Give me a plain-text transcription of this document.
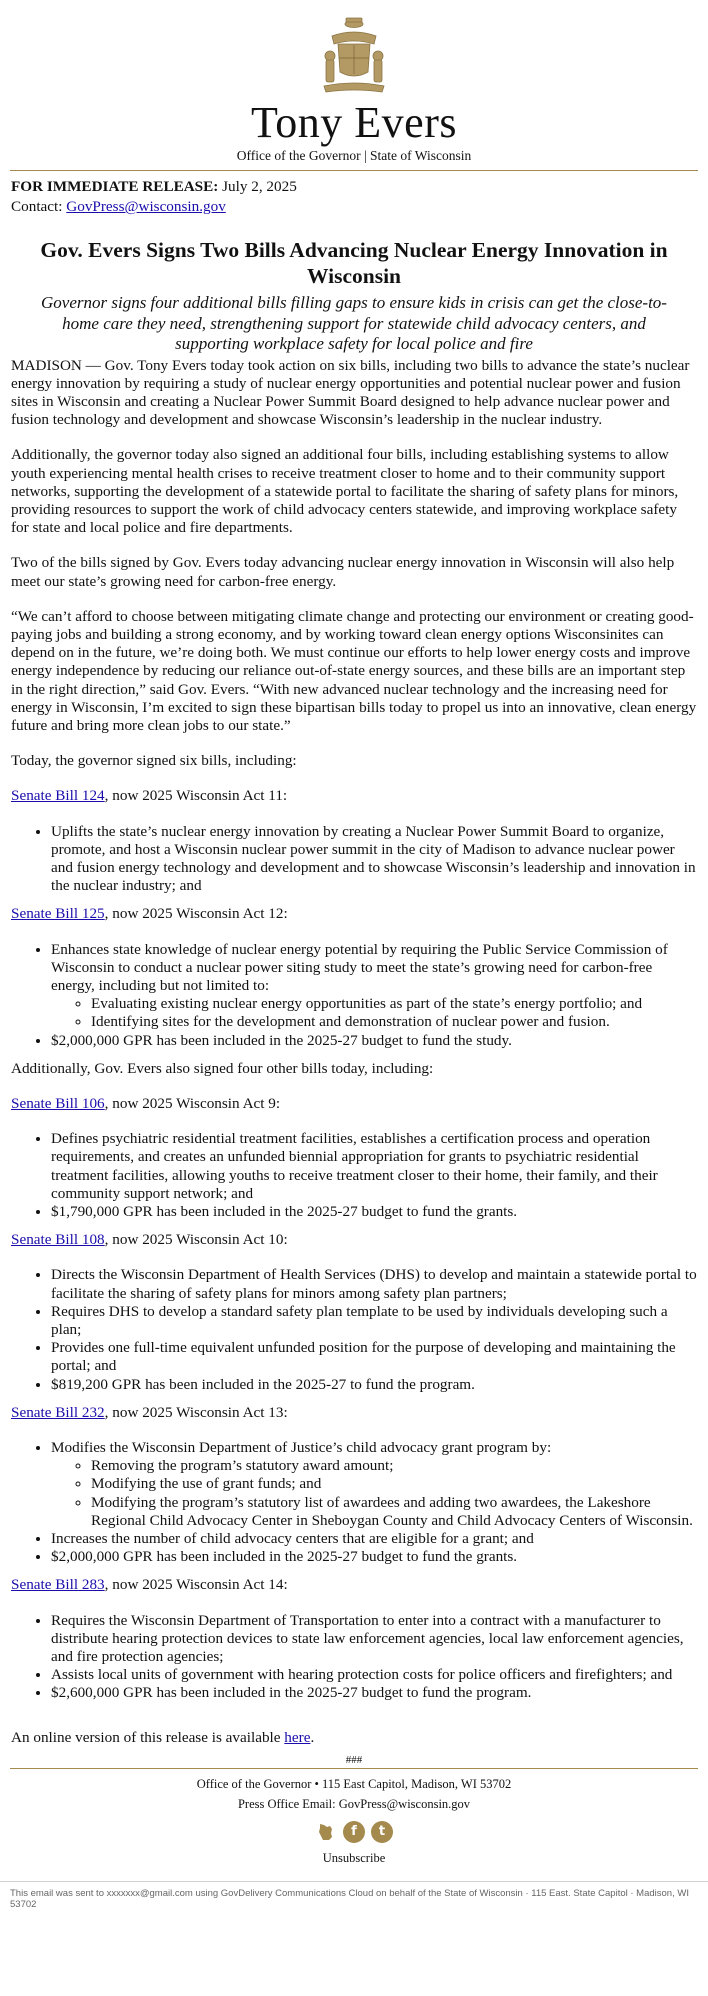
Tony Evers
Office of the Governor | State of Wisconsin

FOR IMMEDIATE RELEASE: July 2, 2025

Contact: GovPress@wisconsin.gov

Gov. Evers Signs Two Bills Advancing Nuclear Energy Innovation in Wisconsin

Governor signs four additional bills filling gaps to ensure kids in crisis can get the close-to-home care they need, strengthening support for statewide child advocacy centers, and supporting workplace safety for local police and fire

MADISON — Gov. Tony Evers today took action on six bills, including two bills to advance the state’s nuclear energy innovation by requiring a study of nuclear energy opportunities and potential nuclear power and fusion sites in Wisconsin and creating a Nuclear Power Summit Board designed to help advance nuclear power and fusion technology and development and showcase Wisconsin’s leadership in the nuclear industry.

Additionally, the governor today also signed an additional four bills, including establishing systems to allow youth experiencing mental health crises to receive treatment closer to home and to their community support networks, supporting the development of a statewide portal to facilitate the sharing of safety plans for minors, providing resources to support the work of child advocacy centers statewide, and improving workplace safety for state and local police and fire departments.

Two of the bills signed by Gov. Evers today advancing nuclear energy innovation in Wisconsin will also help meet our state’s growing need for carbon-free energy.

“We can’t afford to choose between mitigating climate change and protecting our environment or creating good-paying jobs and building a strong economy, and by working toward clean energy options Wisconsinites can depend on in the future, we’re doing both. We must continue our efforts to help lower energy costs and improve energy independence by reducing our reliance out-of-state energy sources, and these bills are an important step in the right direction,” said Gov. Evers. “With new advanced nuclear technology and the increasing need for energy in Wisconsin, I’m excited to sign these bipartisan bills today to propel us into an innovative, clean energy future and bring more clean jobs to our state.”

Today, the governor signed six bills, including:

Senate Bill 124, now 2025 Wisconsin Act 11:

• Uplifts the state’s nuclear energy innovation by creating a Nuclear Power Summit Board to organize, promote, and host a Wisconsin nuclear power summit in the city of Madison to advance nuclear power and fusion energy technology and development and to showcase Wisconsin’s leadership and innovation in the nuclear industry; and

Senate Bill 125, now 2025 Wisconsin Act 12:

• Enhances state knowledge of nuclear energy potential by requiring the Public Service Commission of Wisconsin to conduct a nuclear power siting study to meet the state’s growing need for carbon-free energy, including but not limited to:
◦ Evaluating existing nuclear energy opportunities as part of the state’s energy portfolio; and
◦ Identifying sites for the development and demonstration of nuclear power and fusion.
• $2,000,000 GPR has been included in the 2025-27 budget to fund the study.

Additionally, Gov. Evers also signed four other bills today, including:

Senate Bill 106, now 2025 Wisconsin Act 9:

• Defines psychiatric residential treatment facilities, establishes a certification process and operation requirements, and creates an unfunded biennial appropriation for grants to psychiatric residential treatment facilities, allowing youths to receive treatment closer to their home, their family, and their community support network; and
• $1,790,000 GPR has been included in the 2025-27 budget to fund the grants.

Senate Bill 108, now 2025 Wisconsin Act 10:

• Directs the Wisconsin Department of Health Services (DHS) to develop and maintain a statewide portal to facilitate the sharing of safety plans for minors among safety plan partners;
• Requires DHS to develop a standard safety plan template to be used by individuals developing such a plan;
• Provides one full-time equivalent unfunded position for the purpose of developing and maintaining the portal; and
• $819,200 GPR has been included in the 2025-27 to fund the program.

Senate Bill 232, now 2025 Wisconsin Act 13:

• Modifies the Wisconsin Department of Justice’s child advocacy grant program by:
◦ Removing the program’s statutory award amount;
◦ Modifying the use of grant funds; and
◦ Modifying the program’s statutory list of awardees and adding two awardees, the Lakeshore Regional Child Advocacy Center in Sheboygan County and Child Advocacy Centers of Wisconsin.
• Increases the number of child advocacy centers that are eligible for a grant; and
• $2,000,000 GPR has been included in the 2025-27 budget to fund the grants.

Senate Bill 283, now 2025 Wisconsin Act 14:

• Requires the Wisconsin Department of Transportation to enter into a contract with a manufacturer to distribute hearing protection devices to state law enforcement agencies, local law enforcement agencies, and fire protection agencies;
• Assists local units of government with hearing protection costs for police officers and firefighters; and
• $2,600,000 GPR has been included in the 2025-27 budget to fund the program.

An online version of this release is available here.

###
Office of the Governor • 115 East Capitol, Madison, WI 53702
Press Office Email: GovPress@wisconsin.gov
f	t
Unsubscribe
This email was sent to xxxxxxx@gmail.com using GovDelivery Communications Cloud on behalf of the State of Wisconsin · 115 East. State Capitol · Madison, WI 53702
